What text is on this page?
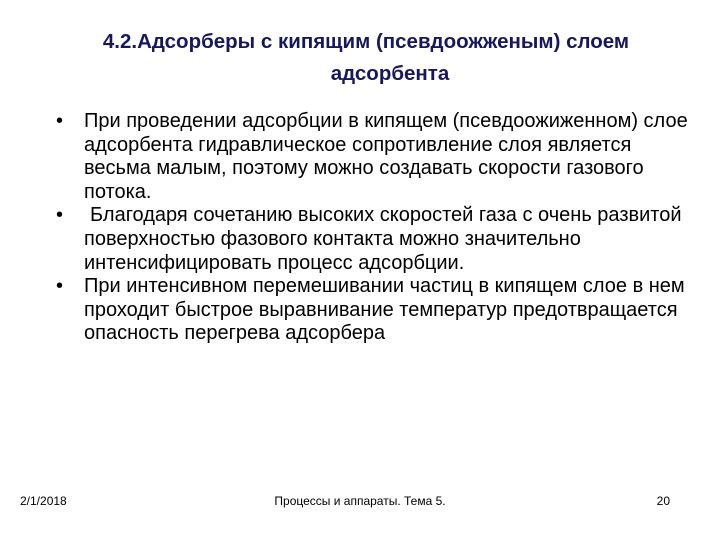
4.2.Адсорберы с кипящим (псевдоожженым) слоем
адсорбента
• При проведении адсорбции в кипящем (псевдоожиженном) слое адсорбента гидравлическое сопротивление слоя является весьма малым, поэтому можно создавать скорости газового потока.
•	Благодаря сочетанию высоких скоростей газа с очень развитой поверхностью фазового контакта можно значительно интенсифицировать процесс адсорбции.
• При интенсивном перемешивании частиц в кипящем слое в нем проходит быстрое выравнивание температур предотвращается опасность перегрева адсорбера
2/1/2018	Процессы и аппараты. Тема 5.	20
